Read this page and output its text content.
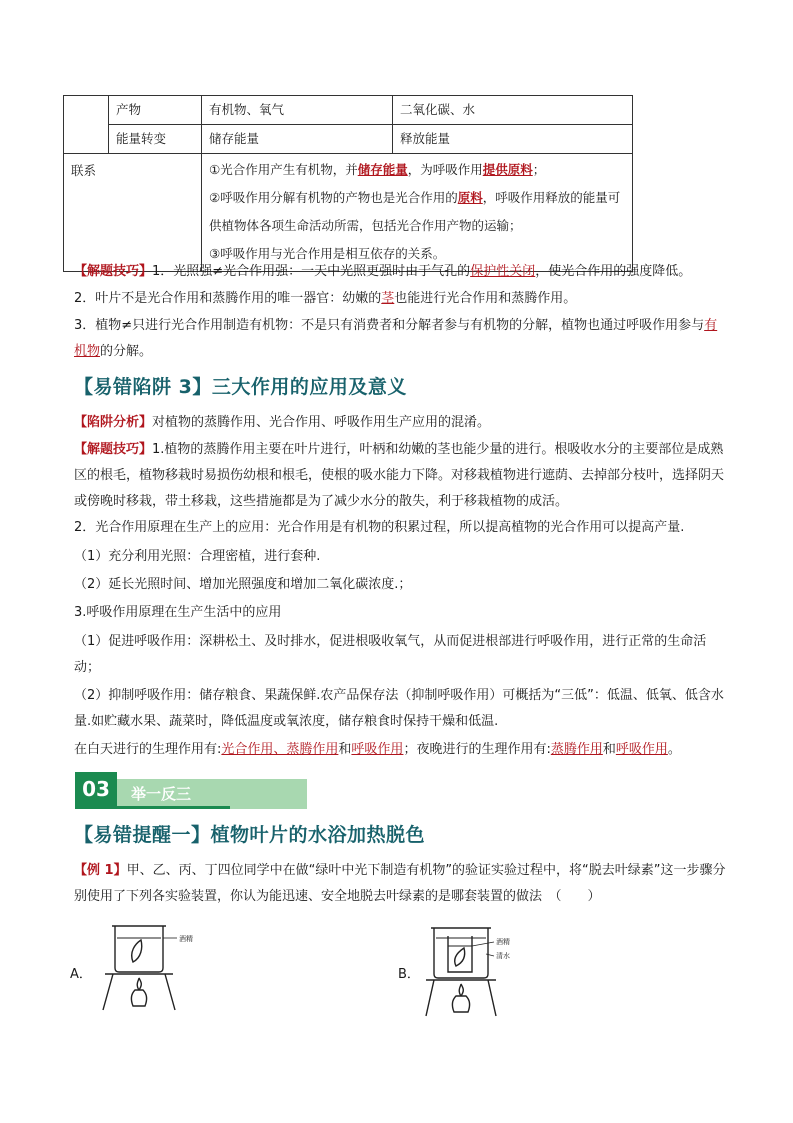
	产物	有机物、氧气	二氧化碳、水
	能量转变	储存能量	释放能量
联系		①光合作用产生有机物，并储存能量，为呼吸作用提供原料；
②呼吸作用分解有机物的产物也是光合作用的原料，呼吸作用释放的能量可供植物体各项生命活动所需，包括光合作用产物的运输；
③呼吸作用与光合作用是相互依存的关系。	
【解题技巧】1．光照强≠光合作用强：一天中光照更强时由于气孔的保护性关闭，使光合作用的强度降低。
2．叶片不是光合作用和蒸腾作用的唯一器官：幼嫩的茎也能进行光合作用和蒸腾作用。
3．植物≠只进行光合作用制造有机物：不是只有消费者和分解者参与有机物的分解，植物也通过呼吸作用参与有机物的分解。
【易错陷阱 3】三大作用的应用及意义
【陷阱分析】对植物的蒸腾作用、光合作用、呼吸作用生产应用的混淆。
【解题技巧】1.植物的蒸腾作用主要在叶片进行，叶柄和幼嫩的茎也能少量的进行。根吸收水分的主要部位是成熟区的根毛，植物移栽时易损伤幼根和根毛，使根的吸水能力下降。对移栽植物进行遮荫、去掉部分枝叶，选择阴天或傍晚时移栽，带土移栽，这些措施都是为了减少水分的散失，利于移栽植物的成活。
2．光合作用原理在生产上的应用：光合作用是有机物的积累过程，所以提高植物的光合作用可以提高产量.
（1）充分利用光照：合理密植，进行套种.
（2）延长光照时间、增加光照强度和增加二氧化碳浓度.；
3.呼吸作用原理在生产生活中的应用
（1）促进呼吸作用：深耕松土、及时排水，促进根吸收氧气，从而促进根部进行呼吸作用，进行正常的生命活动；
（2）抑制呼吸作用：储存粮食、果蔬保鲜.农产品保存法（抑制呼吸作用）可概括为“三低”：低温、低氧、低含水量.如贮藏水果、蔬菜时，降低温度或氧浓度，储存粮食时保持干燥和低温.
在白天进行的生理作用有:光合作用、蒸腾作用和呼吸作用；夜晚进行的生理作用有:蒸腾作用和呼吸作用。
举一反三
03
【易错提醒一】植物叶片的水浴加热脱色
【例 1】甲、乙、丙、丁四位同学中在做“绿叶中光下制造有机物”的验证实验过程中，将“脱去叶绿素”这一步骤分别使用了下列各实验装置，你认为能迅速、安全地脱去叶绿素的是哪套装置的做法　 （　　）
A．	B．
酒精	酒精
清水
